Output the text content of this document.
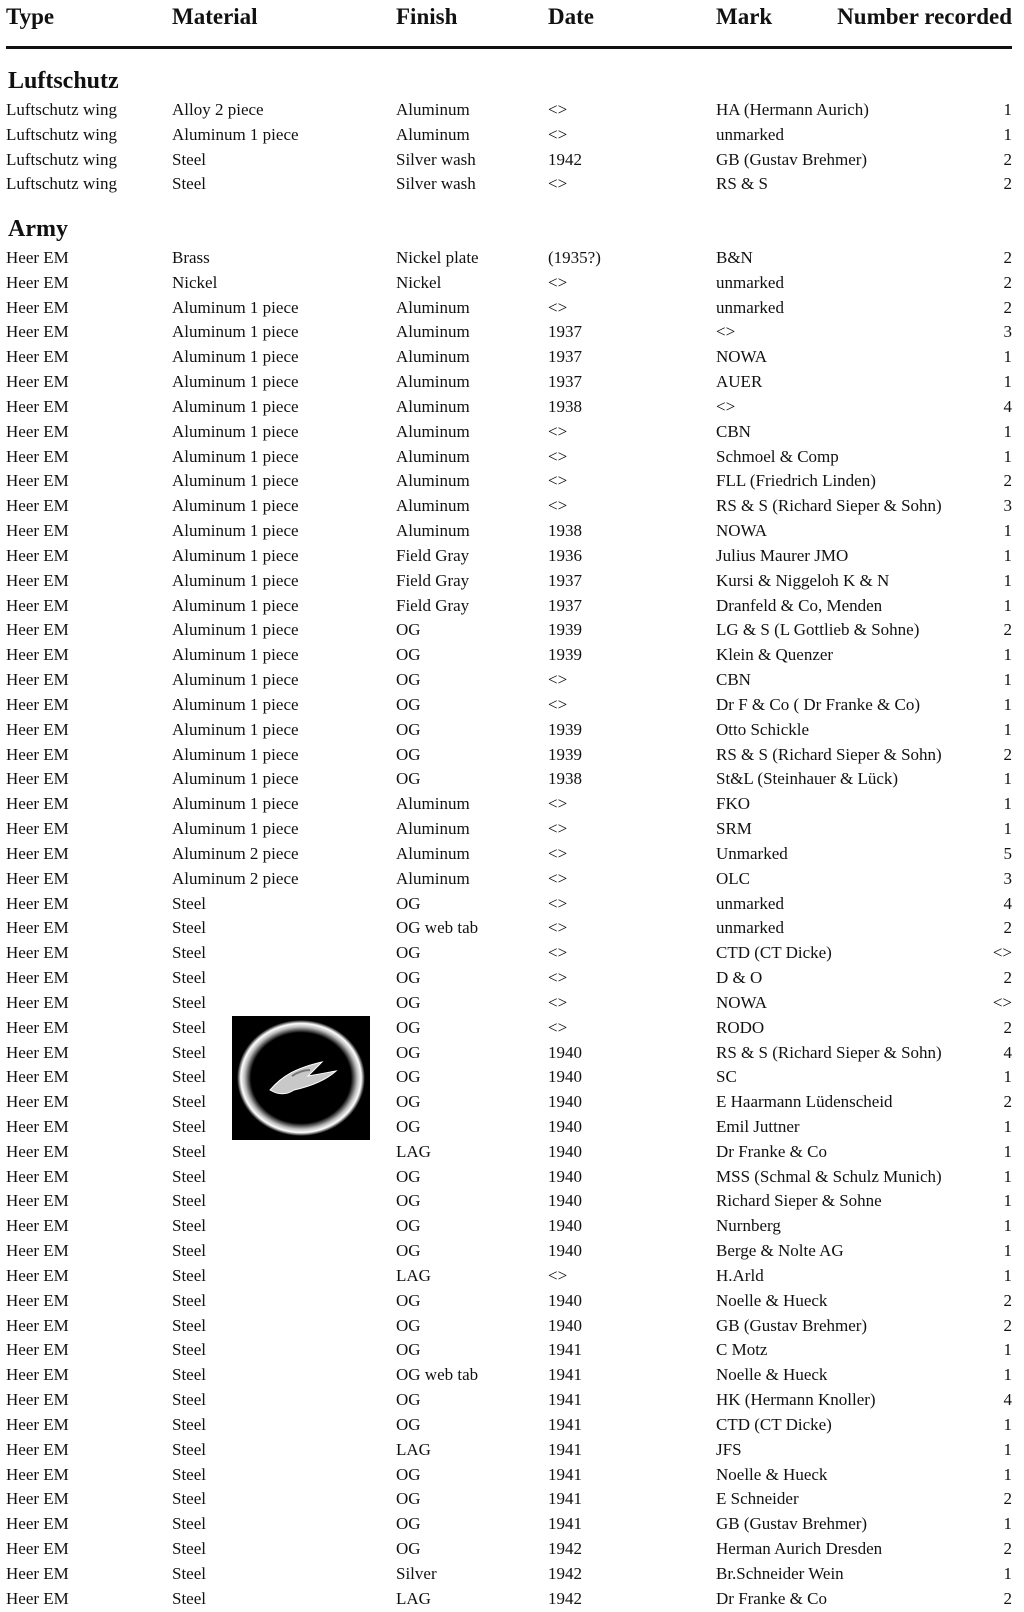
Type	Material	Finish	Date	Mark	Number recorded
Luftschutz
Luftschutz wing	Alloy 2 piece	Aluminum	<>	HA (Hermann Aurich)	1
Luftschutz wing	Aluminum 1 piece	Aluminum	<>	unmarked	1
Luftschutz wing	Steel	Silver wash	1942	GB (Gustav Brehmer)	2
Luftschutz wing	Steel	Silver wash	<>	RS & S	2
Army
Heer EM	Brass	Nickel plate	(1935?)	B&N	2
Heer EM	Nickel	Nickel	<>	unmarked	2
Heer EM	Aluminum 1 piece	Aluminum	<>	unmarked	2
Heer EM	Aluminum 1 piece	Aluminum	1937	<>	3
Heer EM	Aluminum 1 piece	Aluminum	1937	NOWA	1
Heer EM	Aluminum 1 piece	Aluminum	1937	AUER	1
Heer EM	Aluminum 1 piece	Aluminum	1938	<>	4
Heer EM	Aluminum 1 piece	Aluminum	<>	CBN	1
Heer EM	Aluminum 1 piece	Aluminum	<>	Schmoel & Comp	1
Heer EM	Aluminum 1 piece	Aluminum	<>	FLL (Friedrich Linden)	2
Heer EM	Aluminum 1 piece	Aluminum	<>	RS & S (Richard Sieper & Sohn)	3
Heer EM	Aluminum 1 piece	Aluminum	1938	NOWA	1
Heer EM	Aluminum 1 piece	Field Gray	1936	Julius Maurer JMO	1
Heer EM	Aluminum 1 piece	Field Gray	1937	Kursi & Niggeloh K & N	1
Heer EM	Aluminum 1 piece	Field Gray	1937	Dranfeld & Co, Menden	1
Heer EM	Aluminum 1 piece	OG	1939	LG & S (L Gottlieb & Sohne)	2
Heer EM	Aluminum 1 piece	OG	1939	Klein & Quenzer	1
Heer EM	Aluminum 1 piece	OG	<>	CBN	1
Heer EM	Aluminum 1 piece	OG	<>	Dr F & Co ( Dr Franke & Co)	1
Heer EM	Aluminum 1 piece	OG	1939	Otto Schickle	1
Heer EM	Aluminum 1 piece	OG	1939	RS & S (Richard Sieper & Sohn)	2
Heer EM	Aluminum 1 piece	OG	1938	St&L (Steinhauer & Lück)	1
Heer EM	Aluminum 1 piece	Aluminum	<>	FKO	1
Heer EM	Aluminum 1 piece	Aluminum	<>	SRM	1
Heer EM	Aluminum 2 piece	Aluminum	<>	Unmarked	5
Heer EM	Aluminum 2 piece	Aluminum	<>	OLC	3
Heer EM	Steel	OG	<>	unmarked	4
Heer EM	Steel	OG web tab	<>	unmarked	2
Heer EM	Steel	OG	<>	CTD (CT Dicke)	<>
Heer EM	Steel	OG	<>	D & O	2
Heer EM	Steel	OG	<>	NOWA	<>
Heer EM	Steel	OG	<>	RODO	2
Heer EM	Steel	OG	1940	RS & S (Richard Sieper & Sohn)	4
Heer EM	Steel	OG	1940	SC	1
Heer EM	Steel	OG	1940	E Haarmann Lüdenscheid	2
Heer EM	Steel	OG	1940	Emil Juttner	1
Heer EM	Steel	LAG	1940	Dr Franke & Co	1
Heer EM	Steel	OG	1940	MSS (Schmal & Schulz Munich)	1
Heer EM	Steel	OG	1940	Richard Sieper & Sohne	1
Heer EM	Steel	OG	1940	Nurnberg	1
Heer EM	Steel	OG	1940	Berge & Nolte AG	1
Heer EM	Steel	LAG	<>	H.Arld	1
Heer EM	Steel	OG	1940	Noelle & Hueck	2
Heer EM	Steel	OG	1940	GB (Gustav Brehmer)	2
Heer EM	Steel	OG	1941	C Motz	1
Heer EM	Steel	OG web tab	1941	Noelle & Hueck	1
Heer EM	Steel	OG	1941	HK (Hermann Knoller)	4
Heer EM	Steel	OG	1941	CTD (CT Dicke)	1
Heer EM	Steel	LAG	1941	JFS	1
Heer EM	Steel	OG	1941	Noelle & Hueck	1
Heer EM	Steel	OG	1941	E Schneider	2
Heer EM	Steel	OG	1941	GB (Gustav Brehmer)	1
Heer EM	Steel	OG	1942	Herman Aurich Dresden	2
Heer EM	Steel	Silver	1942	Br.Schneider Wein	1
Heer EM	Steel	LAG	1942	Dr Franke & Co	2
